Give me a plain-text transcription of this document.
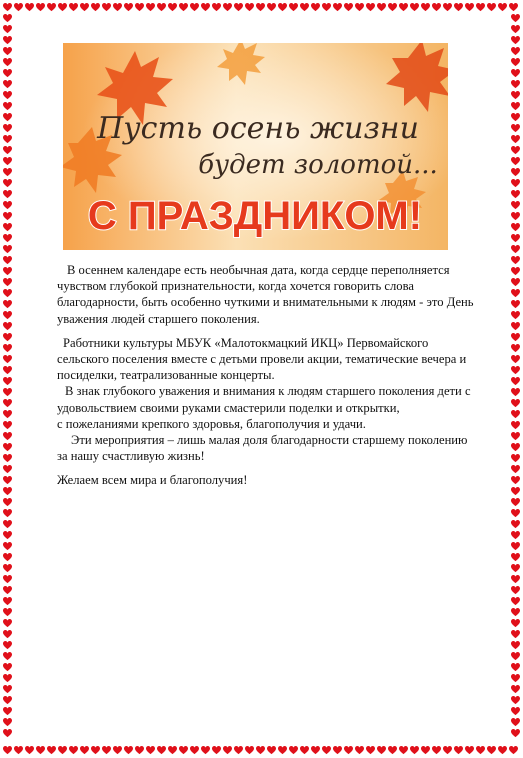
Пусть осень жизни
будет золотой...
С ПРАЗДНИКОМ!

В осеннем календаре есть необычная дата, когда сердце переполняется
чувством глубокой признательности, когда хочется говорить слова
благодарности, быть особенно чуткими и внимательными к людям - это День
уважения людей старшего поколения.

Работники культуры МБУК «Малотокмацкий ИКЦ» Первомайского
сельского поселения вместе с детьми провели акции, тематические вечера и
посиделки, театрализованные концерты.

В знак глубокого уважения и внимания к людям старшего поколения дети с
удовольствием своими руками смастерили поделки и открытки,
с пожеланиями крепкого здоровья, благополучия и удачи.

Эти мероприятия – лишь малая доля благодарности старшему поколению
за нашу счастливую жизнь!

Желаем всем мира и благополучия!
